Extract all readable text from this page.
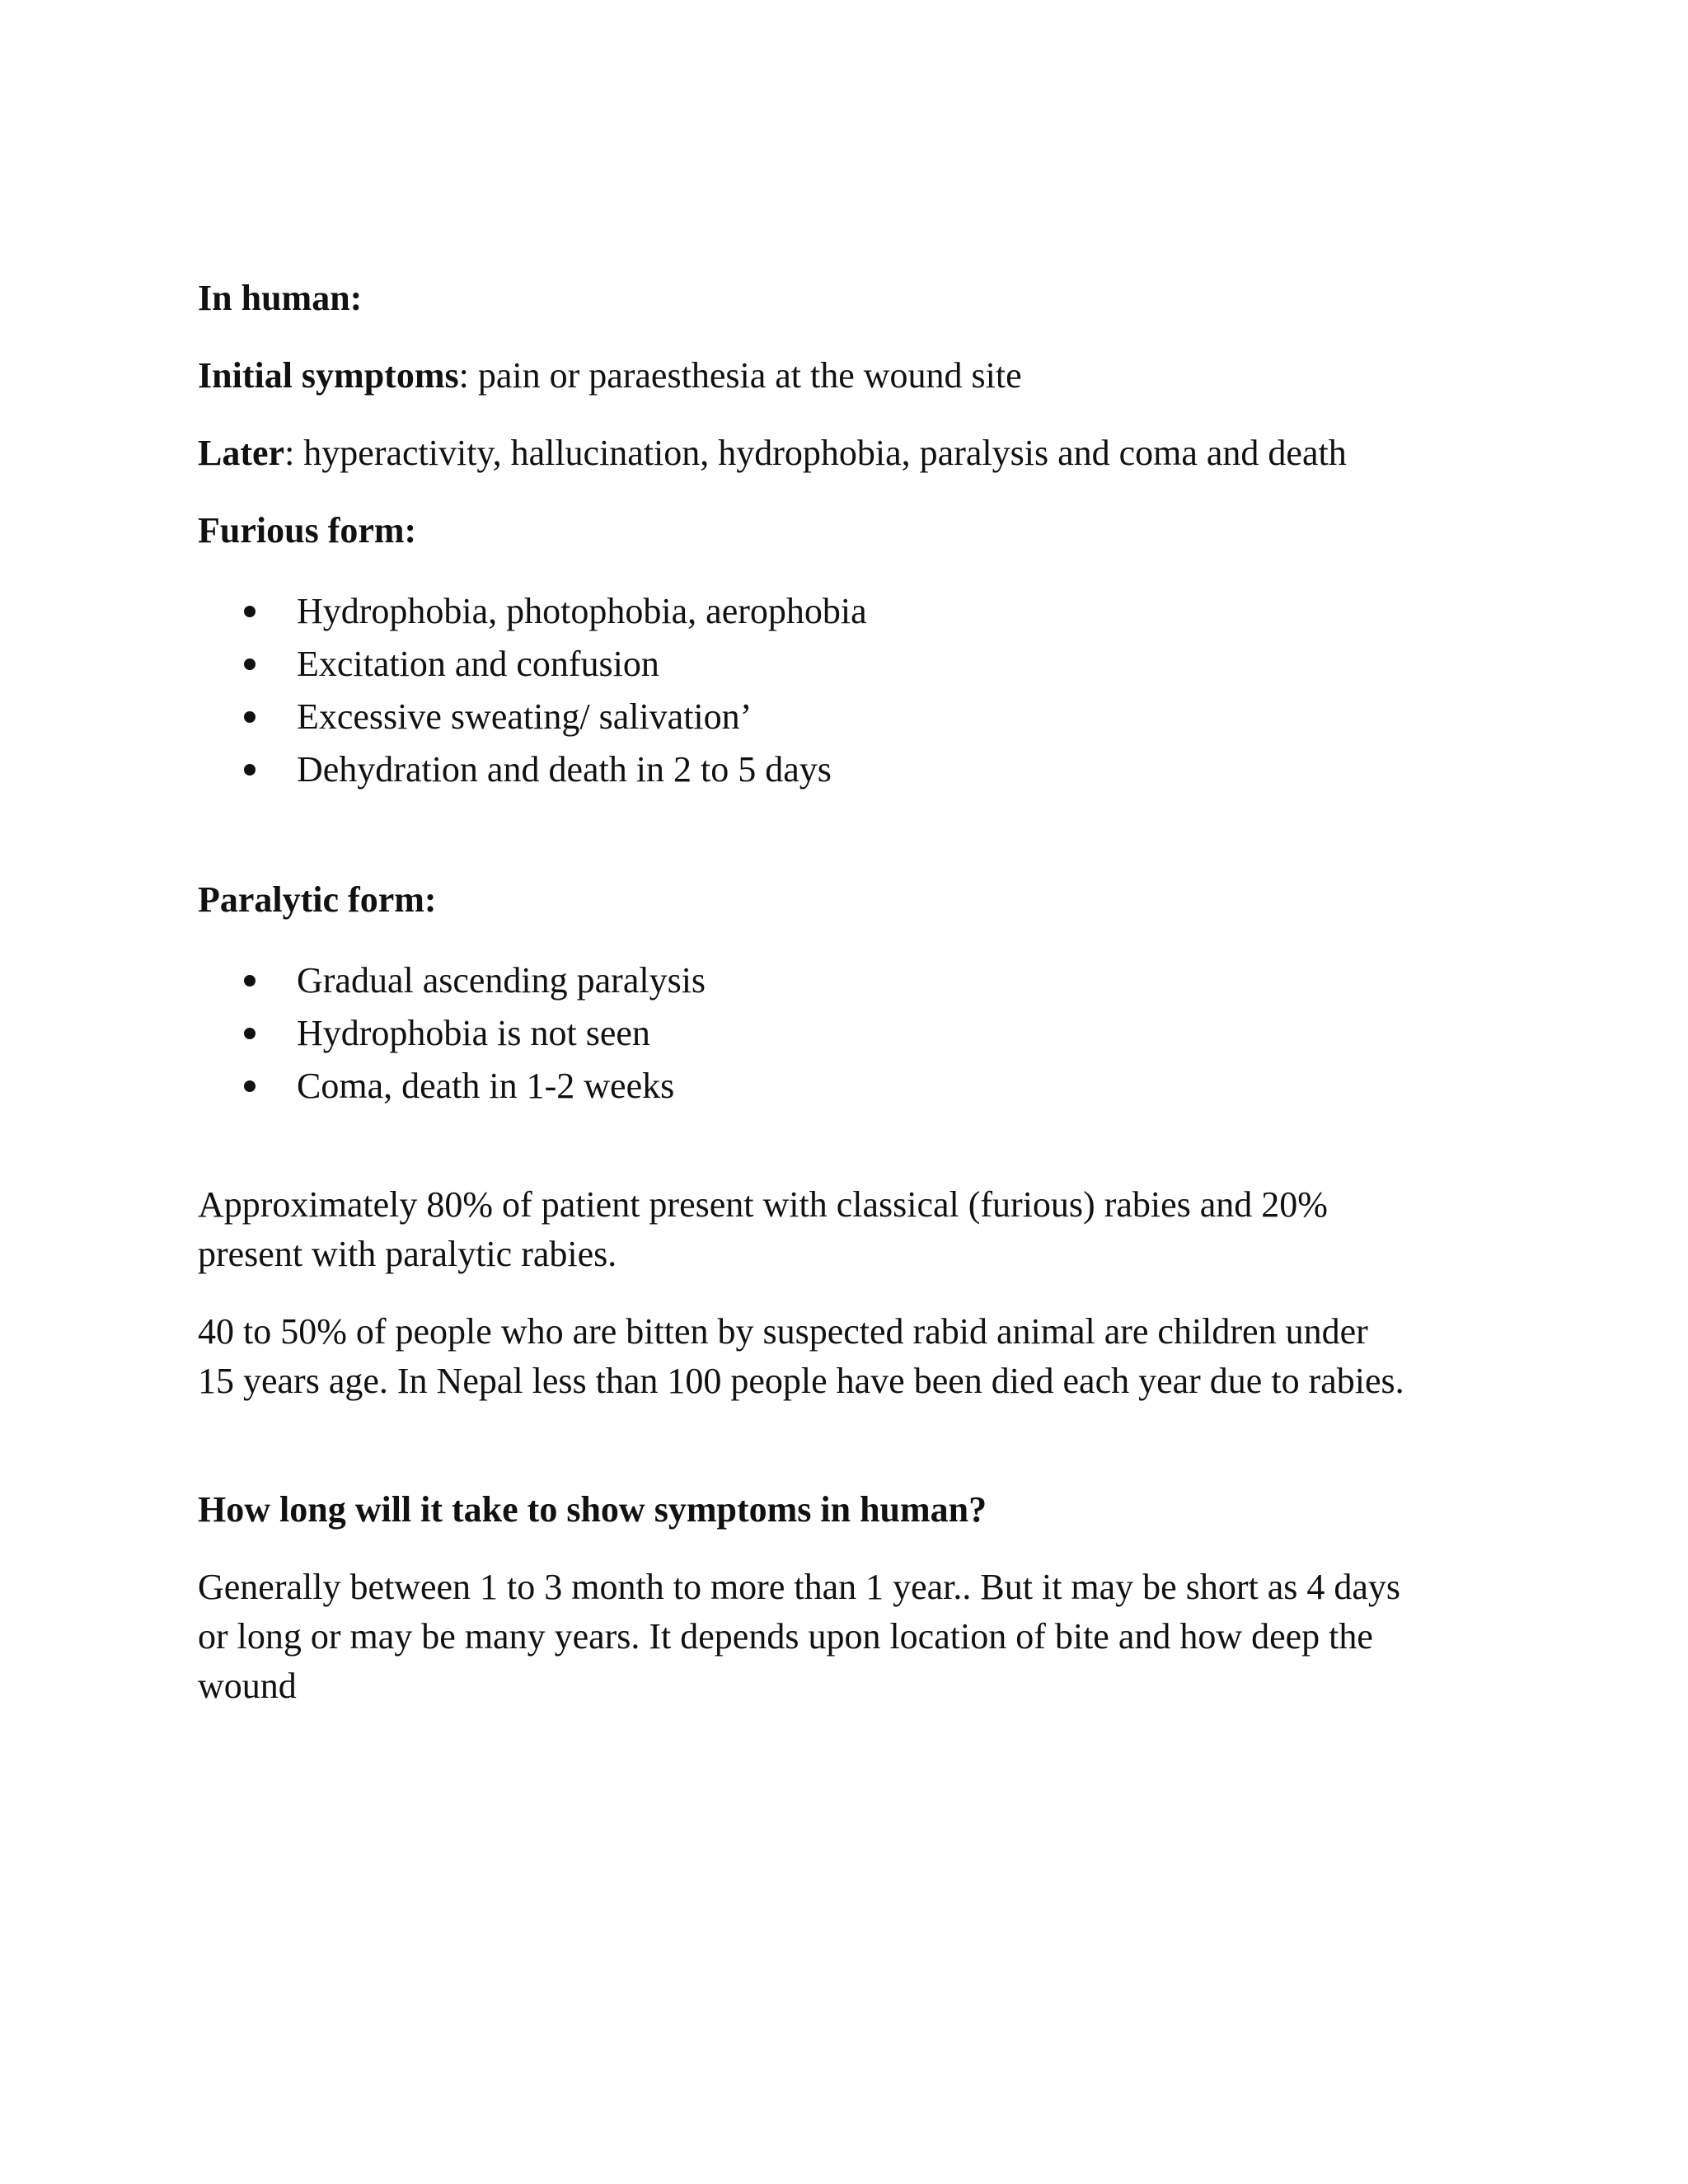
In human:

Initial symptoms: pain or paraesthesia at the wound site

Later: hyperactivity, hallucination, hydrophobia, paralysis and coma and death

Furious form:

Hydrophobia, photophobia, aerophobia
Excitation and confusion
Excessive sweating/ salivation’
Dehydration and death in 2 to 5 days

Paralytic form:

Gradual ascending paralysis
Hydrophobia is not seen
Coma, death in 1-2 weeks

Approximately 80% of patient present with classical (furious) rabies and 20%
present with paralytic rabies.

40 to 50% of people who are bitten by suspected rabid animal are children under
15 years age. In Nepal less than 100 people have been died each year due to rabies.

How long will it take to show symptoms in human?

Generally between 1 to 3 month to more than 1 year.. But it may be short as 4 days
or long or may be many years. It depends upon location of bite and how deep the
wound
